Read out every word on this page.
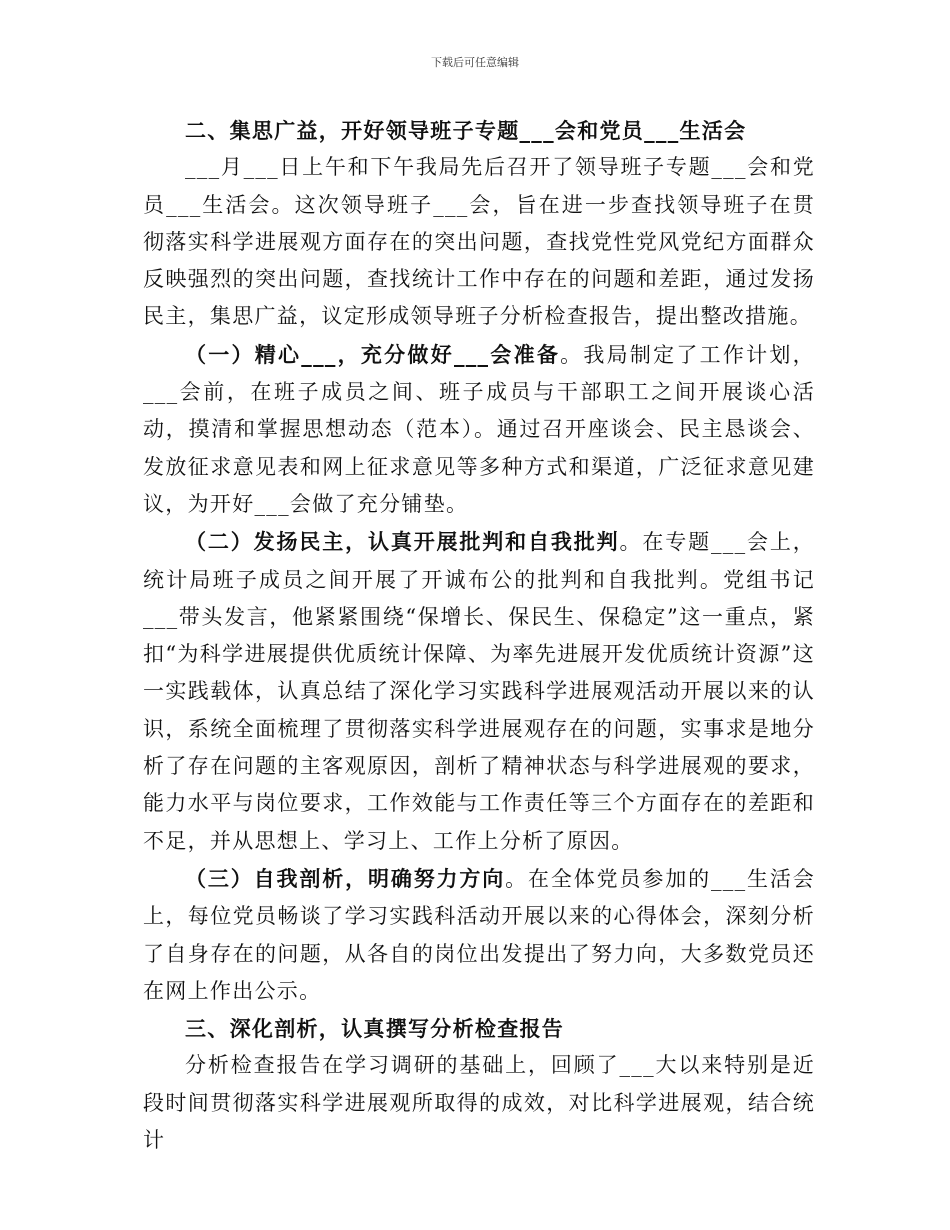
下载后可任意编辑

二、集思广益，开好领导班子专题___会和党员___生活会

___月___日上午和下午我局先后召开了领导班子专题___会和党员___生活会。这次领导班子___会，旨在进一步查找领导班子在贯彻落实科学进展观方面存在的突出问题，查找党性党风党纪方面群众反映强烈的突出问题，查找统计工作中存在的问题和差距，通过发扬民主，集思广益，议定形成领导班子分析检查报告，提出整改措施。

（一）精心___，充分做好___会准备。我局制定了工作计划，___会前，在班子成员之间、班子成员与干部职工之间开展谈心活动，摸清和掌握思想动态（范本）。通过召开座谈会、民主恳谈会、发放征求意见表和网上征求意见等多种方式和渠道，广泛征求意见建议，为开好___会做了充分铺垫。

（二）发扬民主，认真开展批判和自我批判。在专题___会上，统计局班子成员之间开展了开诚布公的批判和自我批判。党组书记___带头发言，他紧紧围绕“保增长、保民生、保稳定”这一重点，紧扣“为科学进展提供优质统计保障、为率先进展开发优质统计资源”这一实践载体，认真总结了深化学习实践科学进展观活动开展以来的认识，系统全面梳理了贯彻落实科学进展观存在的问题，实事求是地分析了存在问题的主客观原因，剖析了精神状态与科学进展观的要求，能力水平与岗位要求，工作效能与工作责任等三个方面存在的差距和不足，并从思想上、学习上、工作上分析了原因。

（三）自我剖析，明确努力方向。在全体党员参加的___生活会上，每位党员畅谈了学习实践科活动开展以来的心得体会，深刻分析了自身存在的问题，从各自的岗位出发提出了努力向，大多数党员还在网上作出公示。

三、深化剖析，认真撰写分析检查报告

分析检查报告在学习调研的基础上，回顾了___大以来特别是近段时间贯彻落实科学进展观所取得的成效，对比科学进展观，结合统计
